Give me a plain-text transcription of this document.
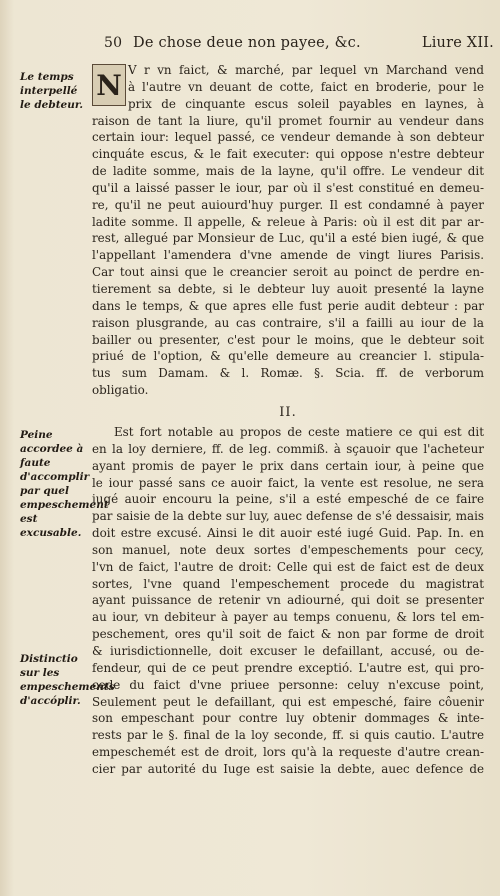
50 De chose deue non payee, &c.	Liure XII.
Le temps interpellé le debteur.
Peine accordee à faute d'accomplir par quel empeschement est excusable.
Distinctio sur les empeschements d'accóplir.
N V r vn faict, & marché, par lequel vn Marchand vend
à l'autre vn deuant de cotte, faict en broderie, pour le
prix de cinquante escus soleil payables en laynes, à
raison de tant la liure, qu'il promet fournir au vendeur dans
certain iour: lequel passé, ce vendeur demande à son debteur
cinquáte escus, & le fait executer: qui oppose n'estre debteur
de ladite somme, mais de la layne, qu'il offre. Le vendeur dit
qu'il a laissé passer le iour, par où il s'est constitué en demeu-
re, qu'il ne peut auiourd'huy purger. Il est condamné à payer
ladite somme. Il appelle, & releue à Paris: où il est dit par ar-
rest, allegué par Monsieur de Luc, qu'il a esté bien iugé, & que
l'appellant l'amendera d'vne amende de vingt liures Parisis.
Car tout ainsi que le creancier seroit au poinct de perdre en-
tierement sa debte, si le debteur luy auoit presenté la layne
dans le temps, & que apres elle fust perie audit debteur : par
raison plusgrande, au cas contraire, s'il a failli au iour de la
bailler ou presenter, c'est pour le moins, que le debteur soit
priué de l'option, & qu'elle demeure au creancier l. stipula-
tus sum Damam. & l. Romæ. §. Scia. ff. de verborum
obligatio.
II.
Est fort notable au propos de ceste matiere ce qui est dit
en la loy derniere, ff. de leg. commiß. à sçauoir que l'acheteur
ayant promis de payer le prix dans certain iour, à peine que
le iour passé sans ce auoir faict, la vente est resolue, ne sera
iugé auoir encouru la peine, s'il a esté empesché de ce faire
par saisie de la debte sur luy, auec defense de s'é dessaisir, mais
doit estre excusé. Ainsi le dit auoir esté iugé Guid. Pap. In. en
son manuel, note deux sortes d'empeschements pour cecy,
l'vn de faict, l'autre de droit: Celle qui est de faict est de deux
sortes, l'vne quand l'empeschement procede du magistrat
ayant puissance de retenir vn adiourné, qui doit se presenter
au iour, vn debiteur à payer au temps conuenu, & lors tel em-
peschement, ores qu'il soit de faict & non par forme de droit
& iurisdictionnelle, doit excuser le defaillant, accusé, ou de-
fendeur, qui de ce peut prendre exceptió. L'autre est, qui pro-
cede du faict d'vne priuee personne: celuy n'excuse point,
Seulement peut le defaillant, qui est empesché, faire côuenir
son empeschant pour contre luy obtenir dommages & inte-
rests par le §. final de la loy seconde, ff. si quis cautio. L'autre
empeschemét est de droit, lors qu'à la requeste d'autre crean-
cier par autorité du Iuge est saisie la debte, auec defence de
